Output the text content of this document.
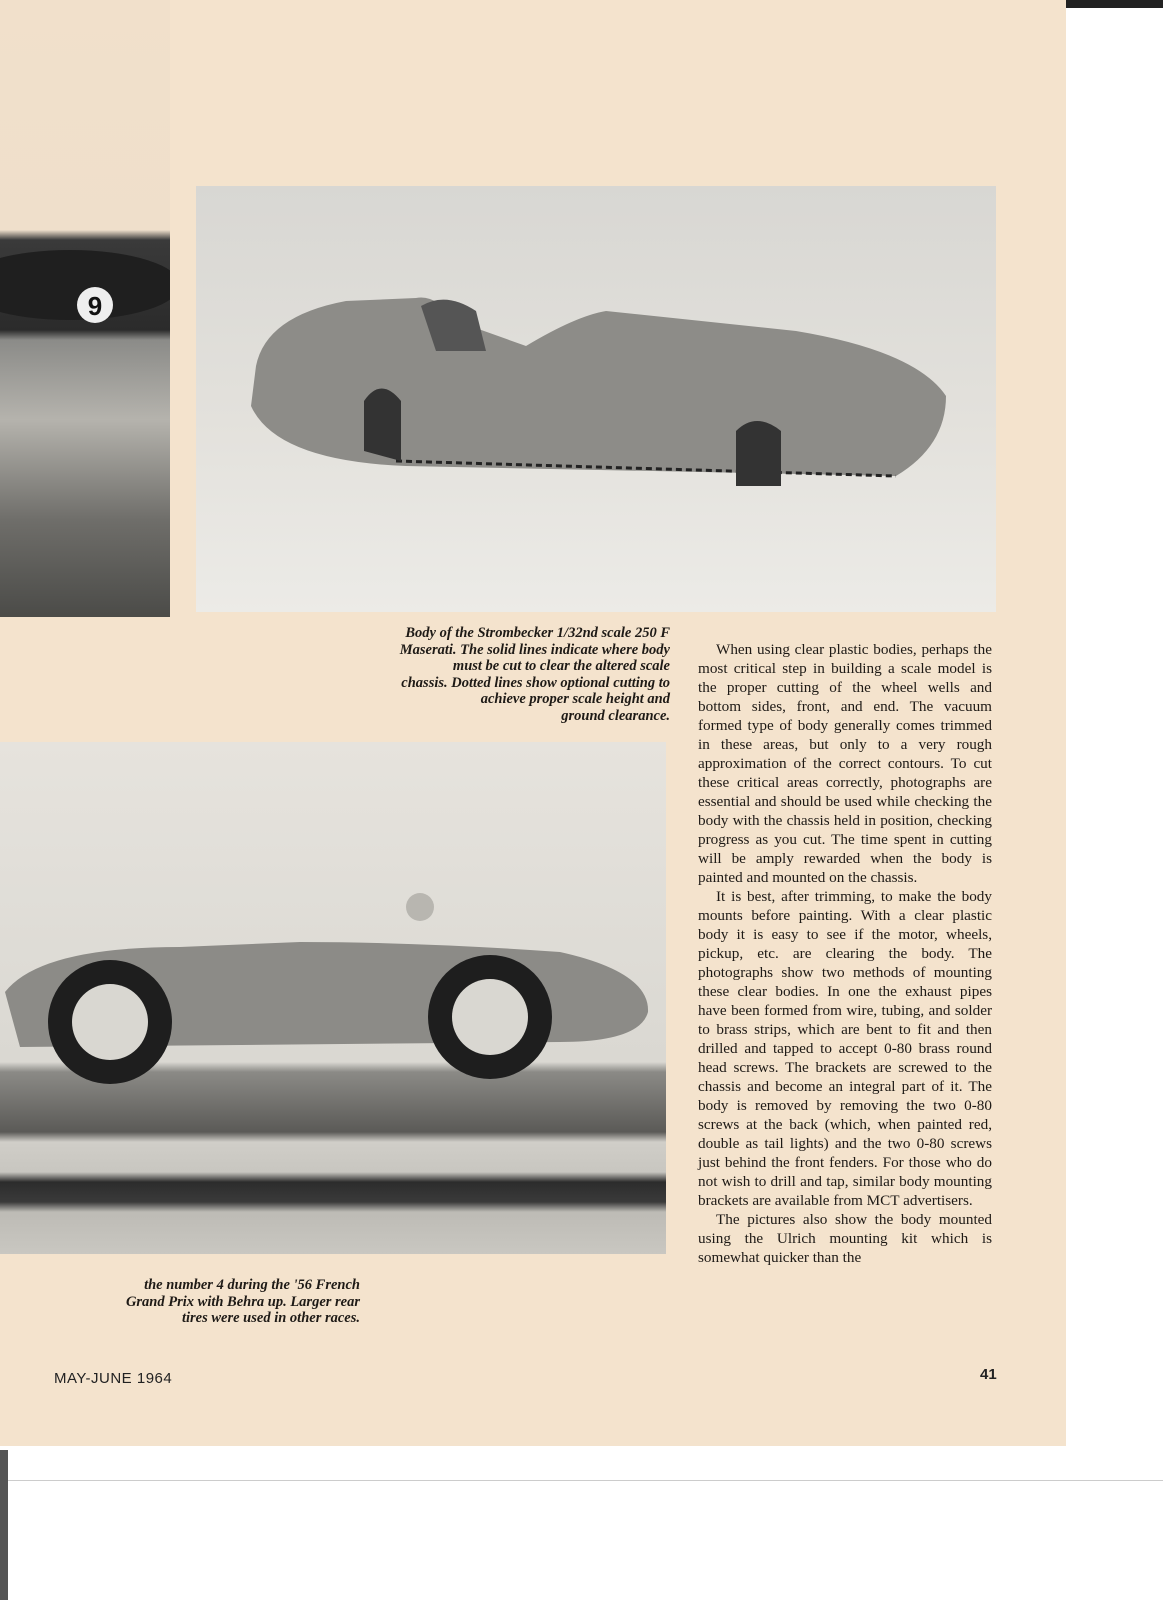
9
Body of the Strombecker 1/32nd scale 250 F
Maserati. The solid lines indicate where body
must be cut to clear the altered scale
chassis. Dotted lines show optional cutting to
achieve proper scale height and
ground clearance.
the number 4 during the '56 French
Grand Prix with Behra up. Larger rear
tires were used in other races.

When using clear plastic bodies, perhaps the most critical step in building a scale model is the proper cutting of the wheel wells and bottom sides, front, and end. The vacuum formed type of body generally comes trimmed in these areas, but only to a very rough approximation of the correct contours. To cut these critical areas correctly, photographs are essential and should be used while checking the body with the chassis held in position, checking progress as you cut. The time spent in cutting will be amply rewarded when the body is painted and mounted on the chassis.

It is best, after trimming, to make the body mounts before painting. With a clear plastic body it is easy to see if the motor, wheels, pickup, etc. are clearing the body. The photographs show two methods of mounting these clear bodies. In one the exhaust pipes have been formed from wire, tubing, and solder to brass strips, which are bent to fit and then drilled and tapped to accept 0-80 brass round head screws. The brackets are screwed to the chassis and become an integral part of it. The body is removed by removing the two 0-80 screws at the back (which, when painted red, double as tail lights) and the two 0-80 screws just behind the front fenders. For those who do not wish to drill and tap, similar body mounting brackets are available from MCT advertisers.

The pictures also show the body mounted using the Ulrich mounting kit which is somewhat quicker than the

MAY-JUNE 1964	41
